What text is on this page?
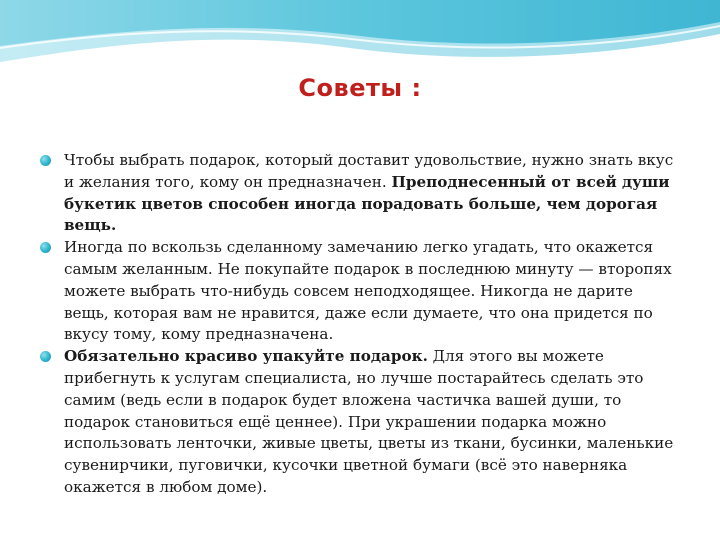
Советы :
Чтобы выбрать подарок, который доставит удовольствие, нужно знать вкус и желания того, кому он предназначен. Преподнесенный от всей души букетик цветов способен иногда порадовать больше, чем дорогая вещь.
Иногда по вскользь сделанному замечанию легко угадать, что окажется самым желанным. Не покупайте подарок в последнюю минуту — второпях можете выбрать что-нибудь совсем неподходящее. Никогда не дарите вещь, которая вам не нравится, даже если думаете, что она придется по вкусу тому, кому предназначена.
Обязательно красиво упакуйте подарок. Для этого вы можете прибегнуть к услугам специалиста, но лучше постарайтесь сделать это самим (ведь если в подарок будет вложена частичка вашей души, то подарок становиться ещё ценнее). При украшении подарка можно использовать ленточки, живые цветы, цветы из ткани, бусинки, маленькие сувенирчики, пуговички, кусочки цветной бумаги (всё это наверняка окажется в любом доме).
